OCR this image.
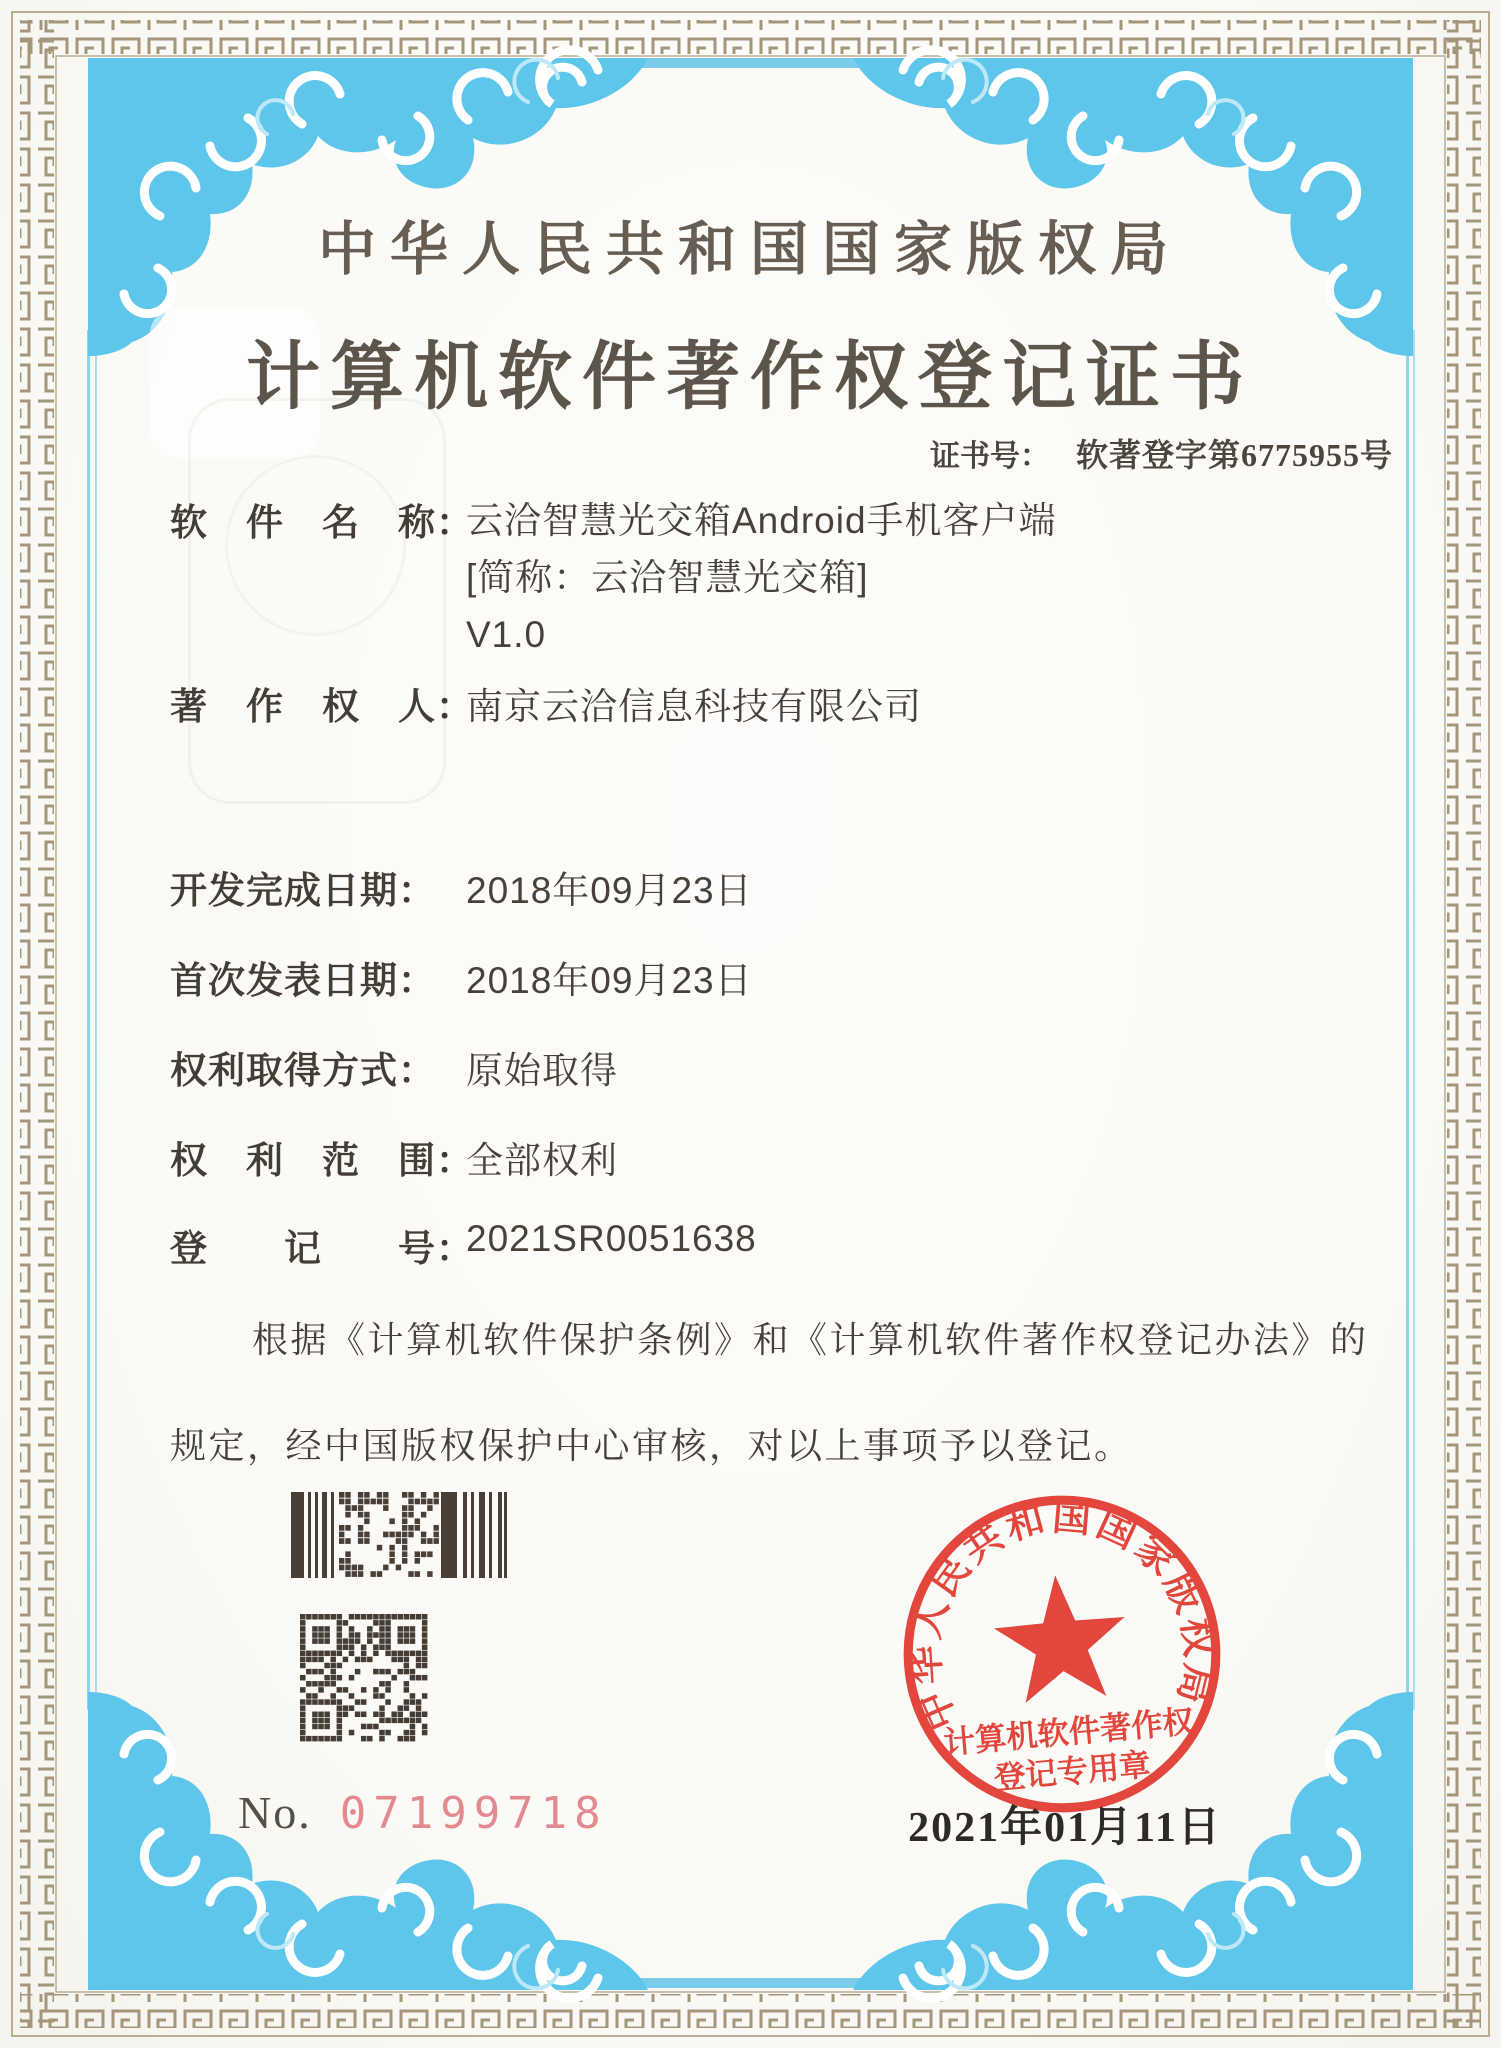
中华人民共和国国家版权局
计算机软件著作权登记证书
证书号： 软著登字第6775955号
软　件　名　称：
云洽智慧光交箱Android手机客户端
[简称：云洽智慧光交箱]
V1.0
著　作　权　人： 南京云洽信息科技有限公司
开发完成日期： 2018年09月23日
首次发表日期： 2018年09月23日
权利取得方式： 原始取得
权　利　范　围： 全部权利
登　　记　　号： 2021SR0051638
根据《计算机软件保护条例》和《计算机软件著作权登记办法》的
规定，经中国版权保护中心审核，对以上事项予以登记。
No. 07199718
中华人民共和国国家版权局
计算机软件著作权
登记专用章
2021年01月11日
